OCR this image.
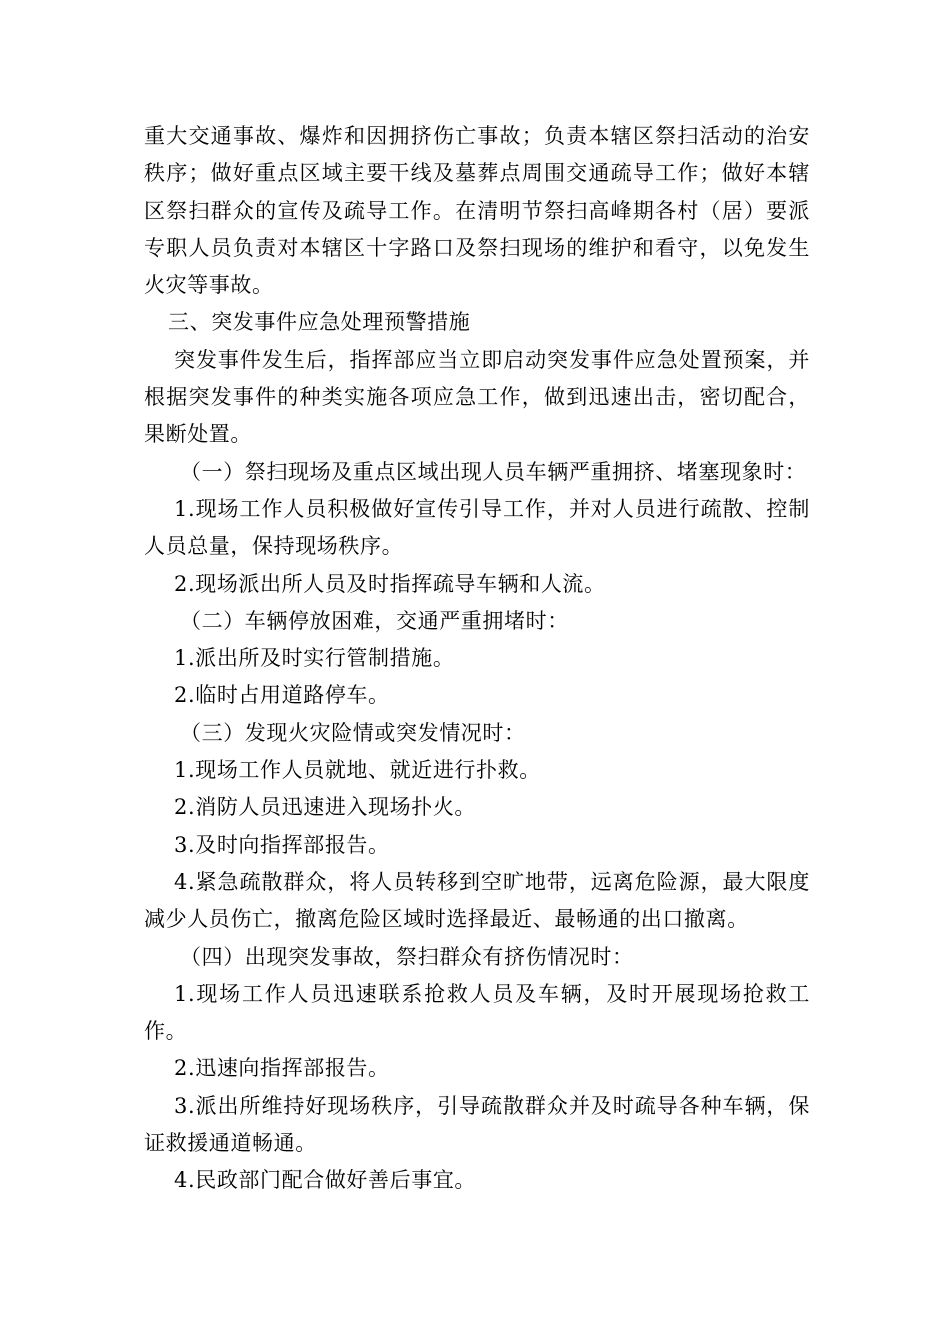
重大交通事故、爆炸和因拥挤伤亡事故；负责本辖区祭扫活动的治安秩序；做好重点区域主要干线及墓葬点周围交通疏导工作；做好本辖区祭扫群众的宣传及疏导工作。在清明节祭扫高峰期各村（居）要派专职人员负责对本辖区十字路口及祭扫现场的维护和看守，以免发生火灾等事故。

三、突发事件应急处理预警措施

突发事件发生后，指挥部应当立即启动突发事件应急处置预案，并根据突发事件的种类实施各项应急工作，做到迅速出击，密切配合，果断处置。

（一）祭扫现场及重点区域出现人员车辆严重拥挤、堵塞现象时：

1.现场工作人员积极做好宣传引导工作，并对人员进行疏散、控制人员总量，保持现场秩序。

2.现场派出所人员及时指挥疏导车辆和人流。

（二）车辆停放困难，交通严重拥堵时：

1.派出所及时实行管制措施。

2.临时占用道路停车。

（三）发现火灾险情或突发情况时：

1.现场工作人员就地、就近进行扑救。

2.消防人员迅速进入现场扑火。

3.及时向指挥部报告。

4.紧急疏散群众，将人员转移到空旷地带，远离危险源，最大限度减少人员伤亡，撤离危险区域时选择最近、最畅通的出口撤离。

（四）出现突发事故，祭扫群众有挤伤情况时：

1.现场工作人员迅速联系抢救人员及车辆，及时开展现场抢救工作。

2.迅速向指挥部报告。

3.派出所维持好现场秩序，引导疏散群众并及时疏导各种车辆，保证救援通道畅通。

4.民政部门配合做好善后事宜。
